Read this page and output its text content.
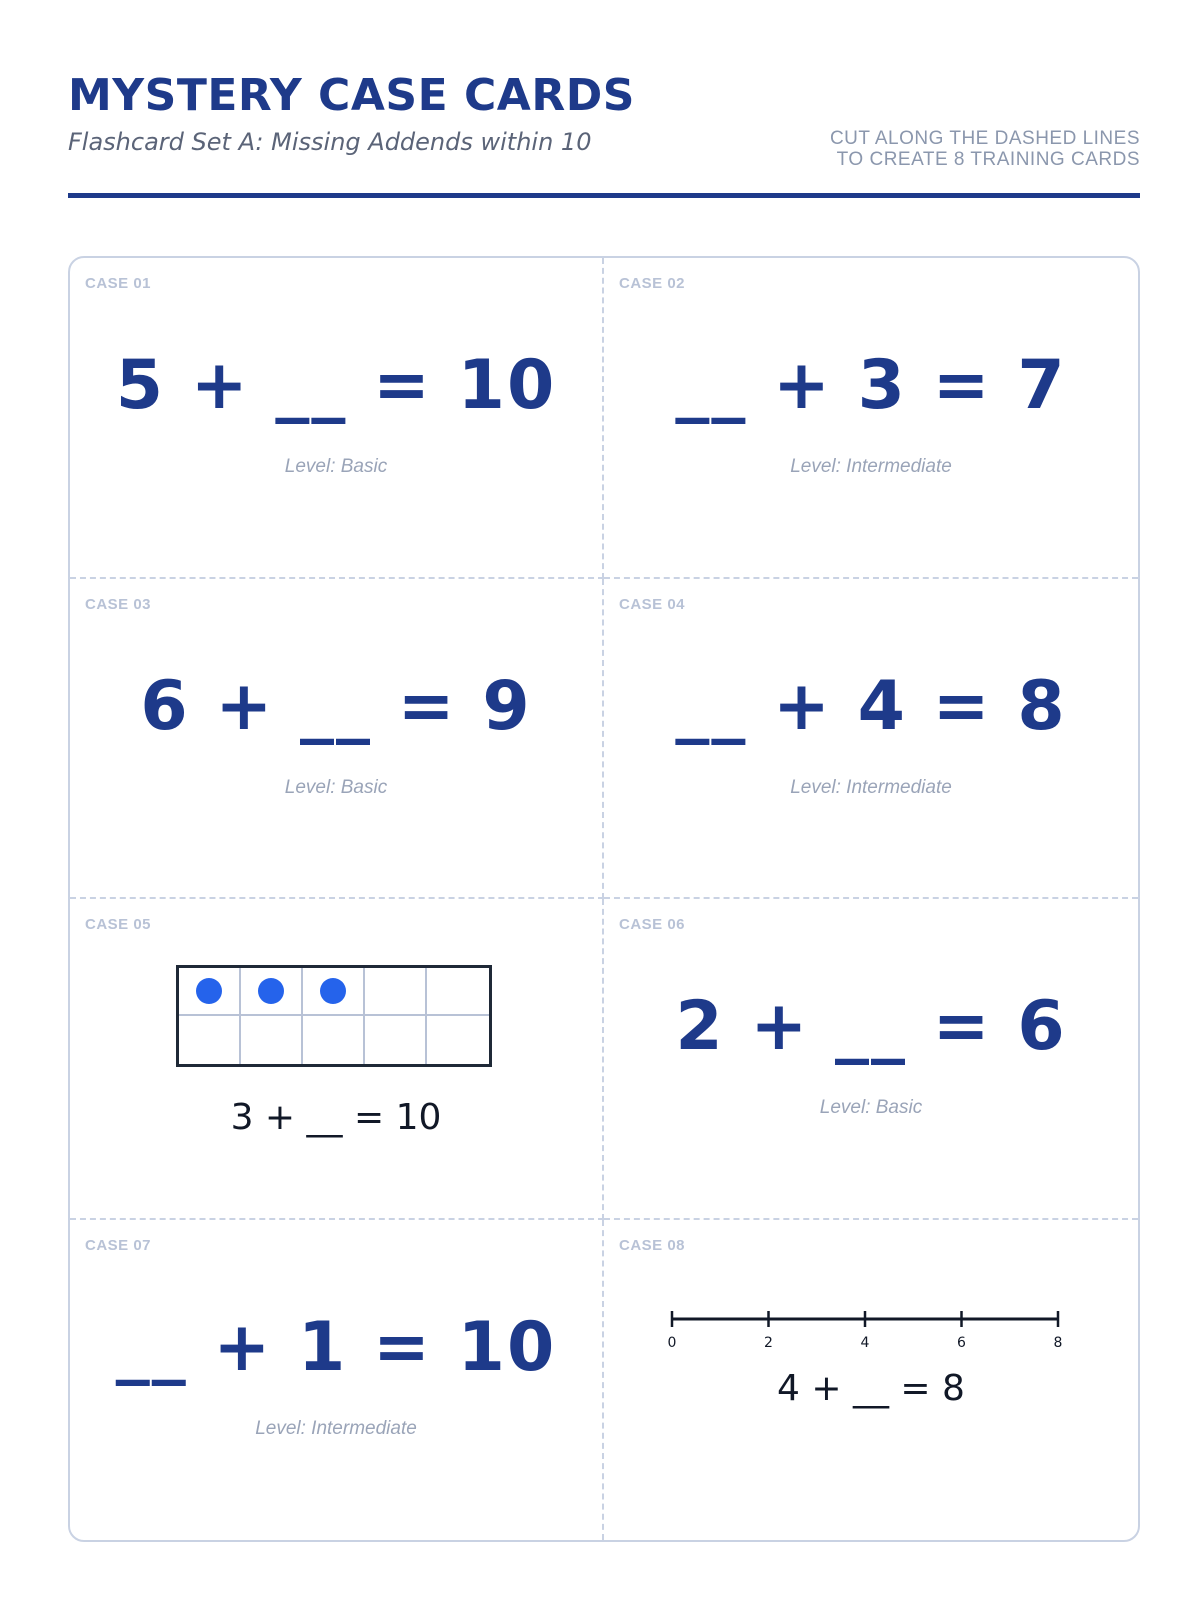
MYSTERY CASE CARDS
Flashcard Set A: Missing Addends within 10	CUT ALONG THE DASHED LINES
TO CREATE 8 TRAINING CARDS
CASE 01
5 + __ = 10
Level: Basic
CASE 02
__ + 3 = 7
Level: Intermediate
CASE 03
6 + __ = 9
Level: Basic
CASE 04
__ + 4 = 8
Level: Intermediate
CASE 05
3 + __ = 10
CASE 06
2 + __ = 6
Level: Basic
CASE 07
__ + 1 = 10
Level: Intermediate
CASE 08
0	2	4	6	8
4 + __ = 8
